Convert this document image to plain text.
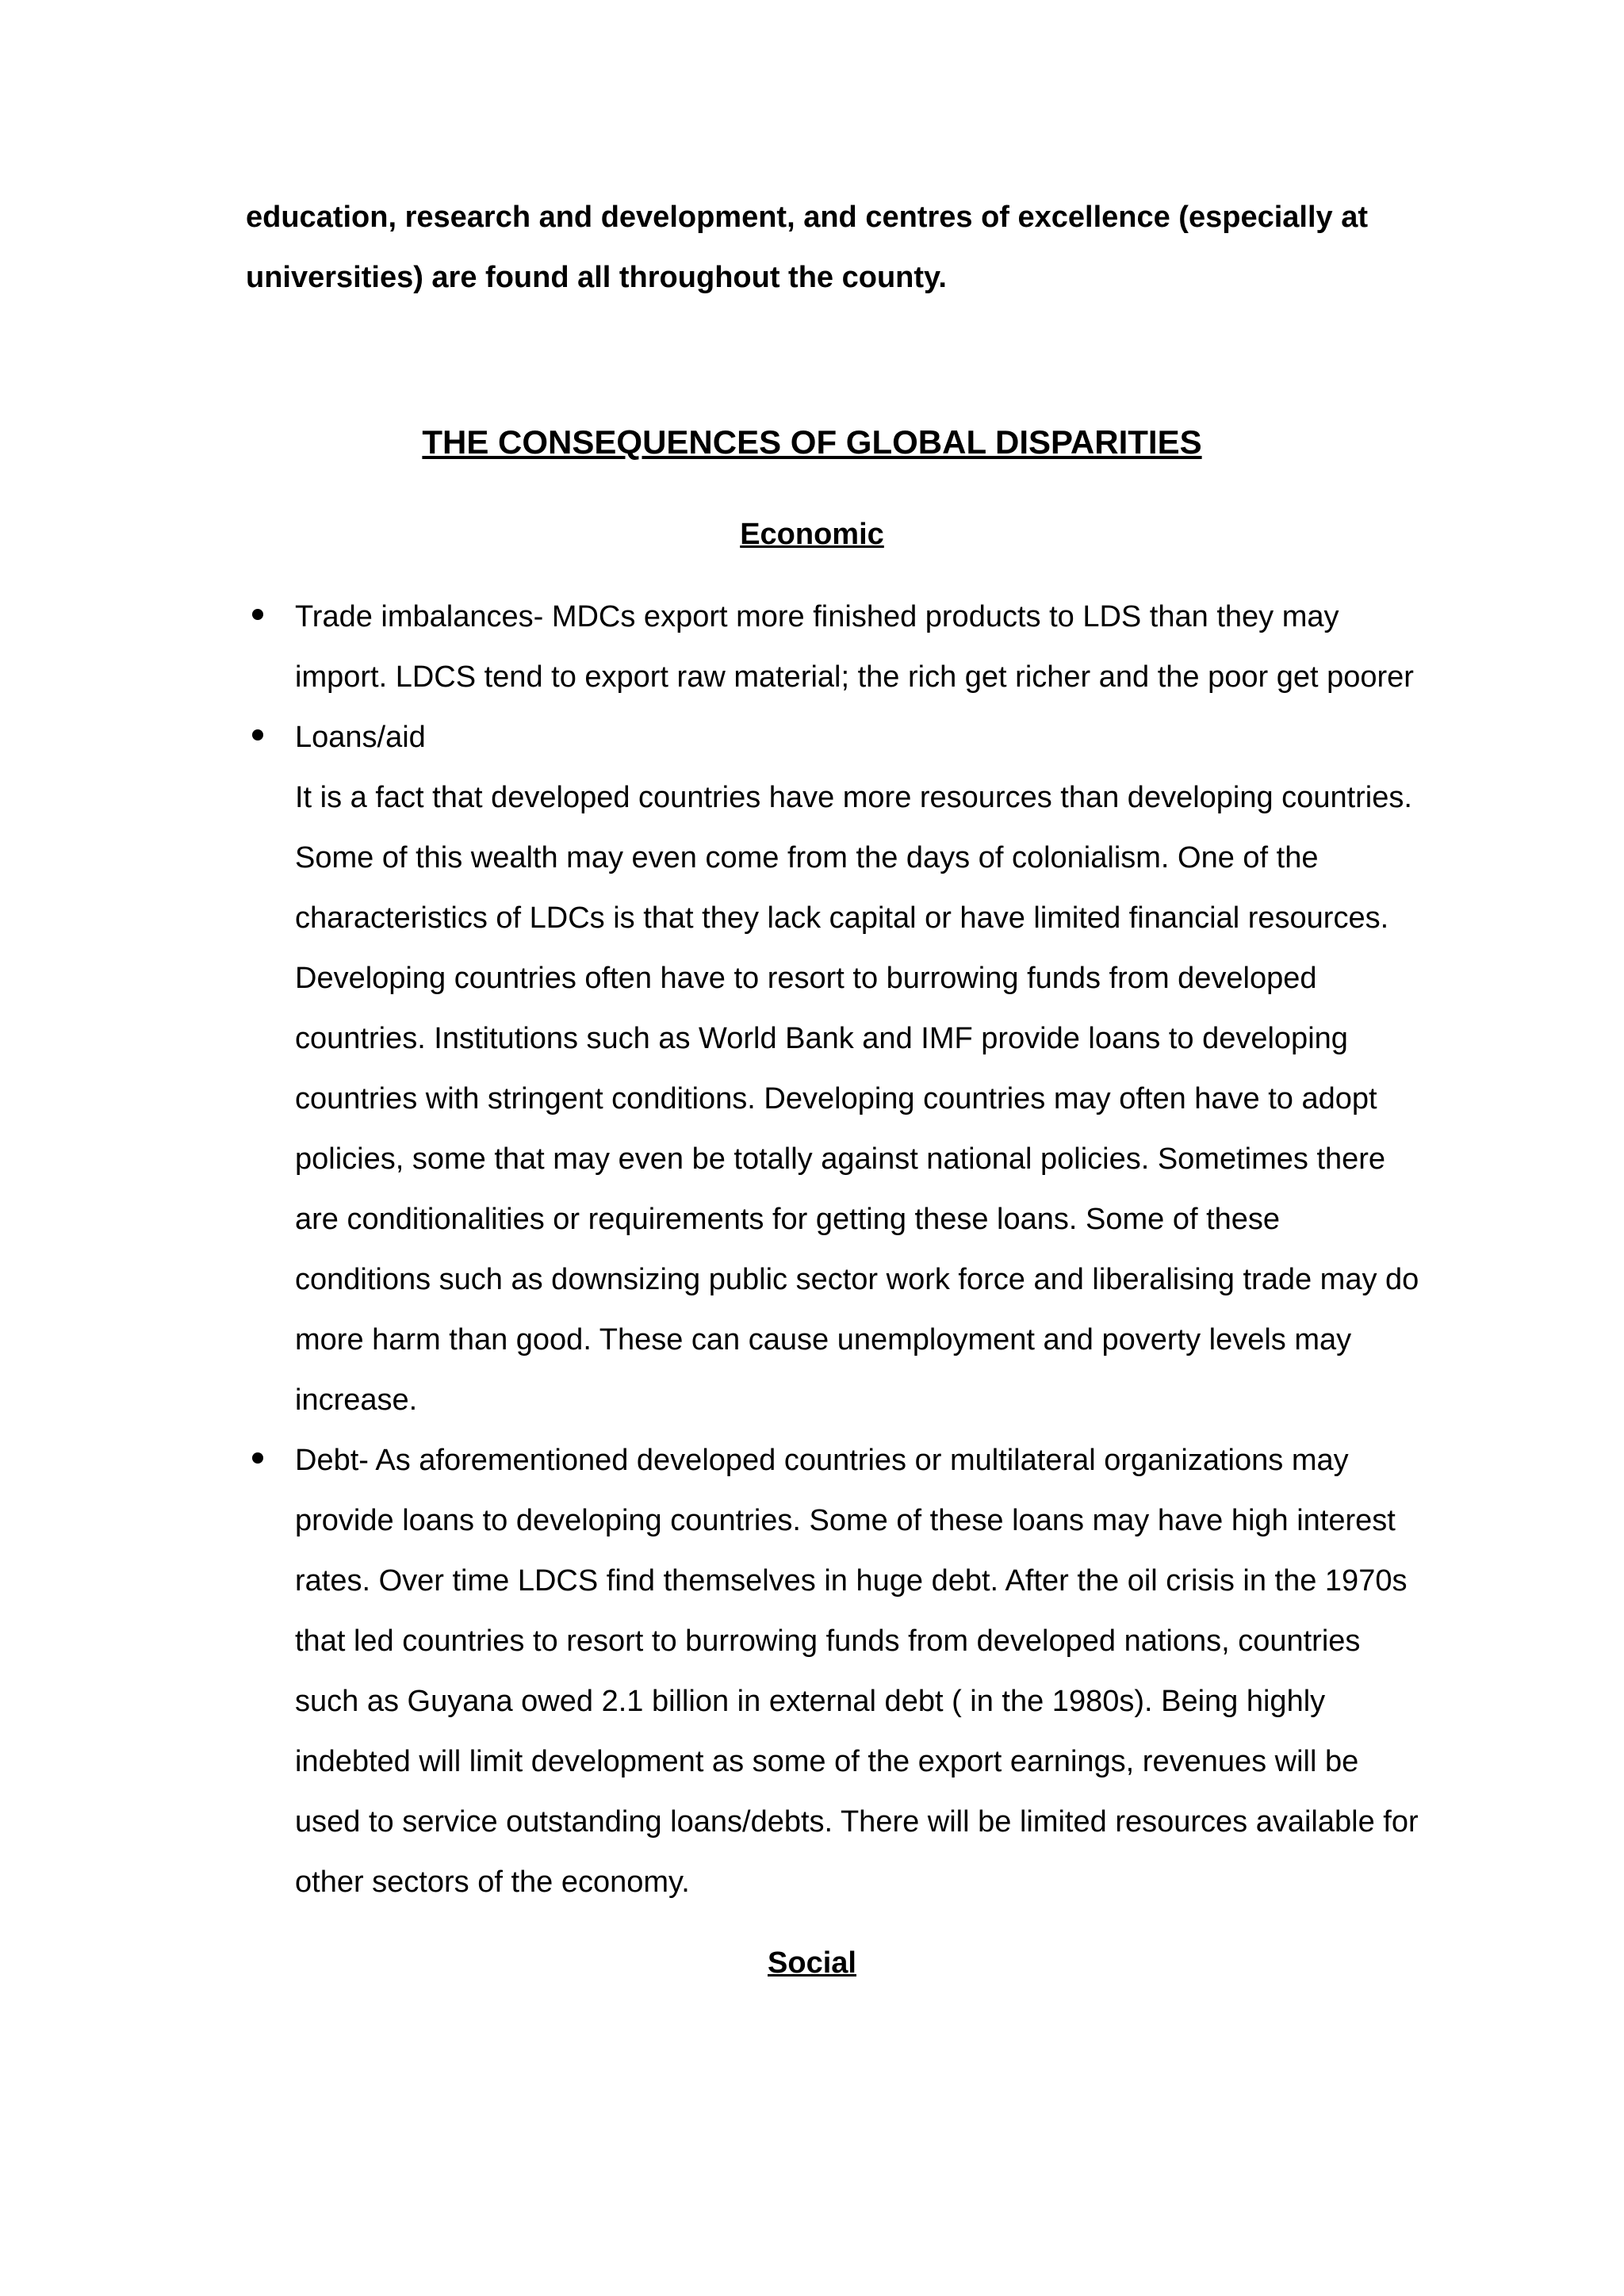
education, research and development, and centres of excellence (especially at
universities) are found all throughout the county.

THE CONSEQUENCES OF GLOBAL DISPARITIES
Economic
Trade imbalances- MDCs export more finished products to LDS than they may
import. LDCS tend to export raw material; the rich get richer and the poor get poorer
Loans/aid
It is a fact that developed countries have more resources than developing countries.
Some of this wealth may even come from the days of colonialism. One of the
characteristics of LDCs is that they lack capital or have limited financial resources.
Developing countries often have to resort to burrowing funds from developed
countries. Institutions such as World Bank and IMF provide loans to developing
countries with stringent conditions. Developing countries may often have to adopt
policies, some that may even be totally against national policies. Sometimes there
are conditionalities or requirements for getting these loans. Some of these
conditions such as downsizing public sector work force and liberalising trade may do
more harm than good. These can cause unemployment and poverty levels may
increase.
Debt- As aforementioned developed countries or multilateral organizations may
provide loans to developing countries. Some of these loans may have high interest
rates. Over time LDCS find themselves in huge debt. After the oil crisis in the 1970s
that led countries to resort to burrowing funds from developed nations, countries
such as Guyana owed 2.1 billion in external debt ( in the 1980s). Being highly
indebted will limit development as some of the export earnings, revenues will be
used to service outstanding loans/debts. There will be limited resources available for
other sectors of the economy.
Social
